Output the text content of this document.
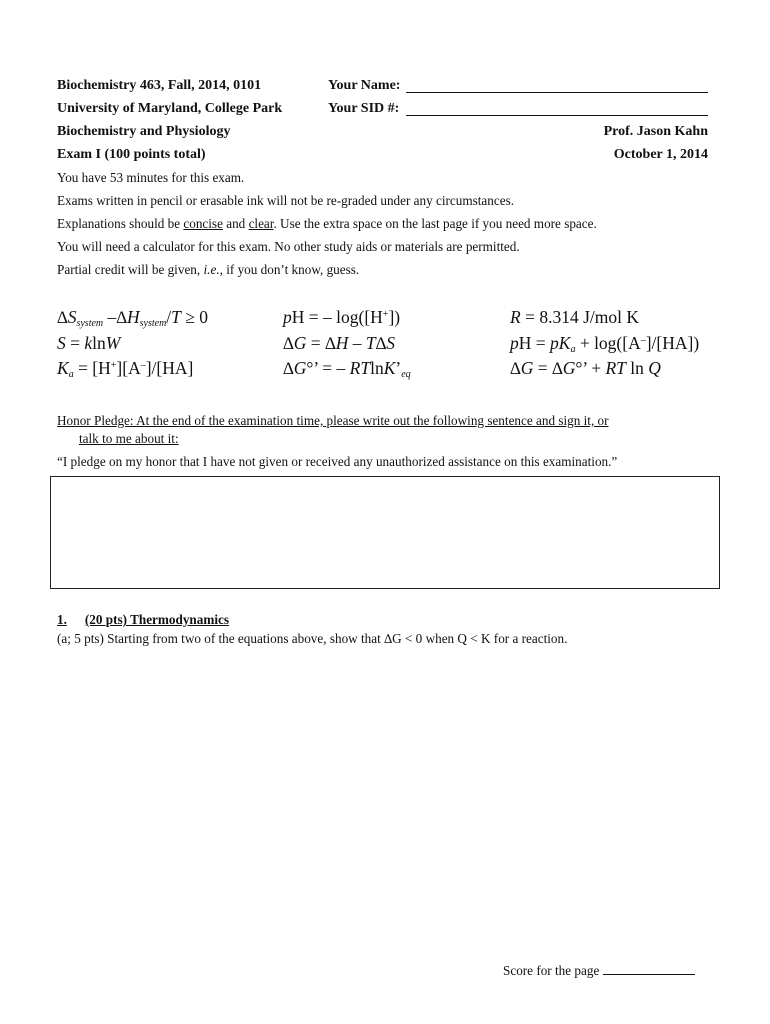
Biochemistry 463, Fall, 2014, 0101
University of Maryland, College Park
Biochemistry and Physiology
Exam I (100 points total)
Your Name:
Your SID #:
Prof. Jason Kahn
October 1, 2014
You have 53 minutes for this exam.
Exams written in pencil or erasable ink will not be re-graded under any circumstances.
Explanations should be concise and clear. Use the extra space on the last page if you need more space.
You will need a calculator for this exam. No other study aids or materials are permitted.
Partial credit will be given, i.e., if you don’t know, guess.
$\Delta S_{system}$ $-\Delta H_{system}/T \ge 0$
S = klnW
$K_a = [H^+][A^-]/[HA]$
pH = – log([H+])
∆G = ∆H – T∆S
∆G°’ = – $RTlnK’_{eq}$
R = 8.314 J/mol K
pH = $pK_a + \log([A^-]/[HA])$
∆G = ∆G°’ + RT ln Q
Honor Pledge: At the end of the examination time, please write out the following sentence and sign it, or
talk to me about it:
“I pledge on my honor that I have not given or received any unauthorized assistance on this examination.”
1. (20 pts) Thermodynamics
(a; 5 pts) Starting from two of the equations above, show that ∆G < 0 when Q < K for a reaction.
Score for the page
